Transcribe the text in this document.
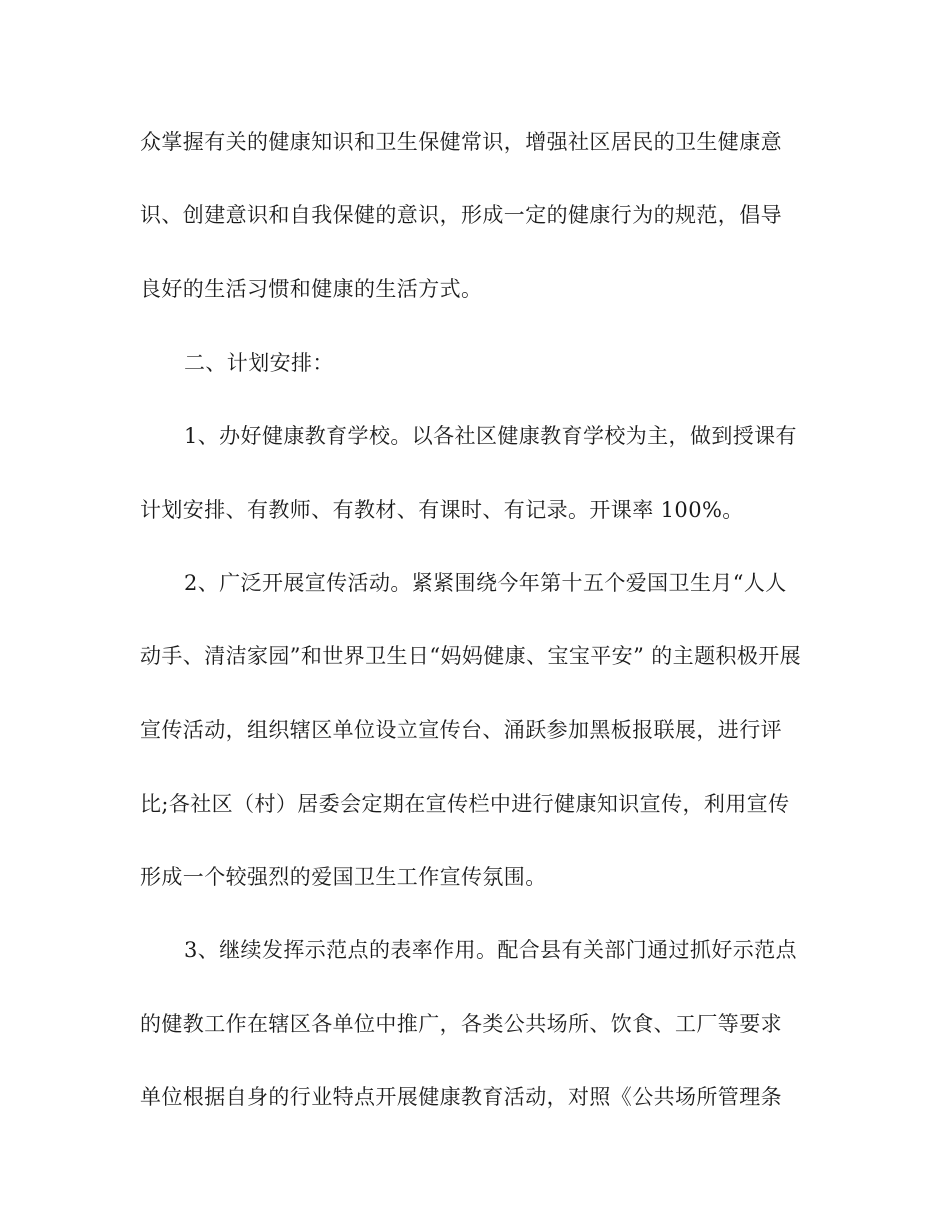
众掌握有关的健康知识和卫生保健常识，增强社区居民的卫生健康意
识、创建意识和自我保健的意识，形成一定的健康行为的规范，倡导
良好的生活习惯和健康的生活方式。
二、计划安排：
1、办好健康教育学校。以各社区健康教育学校为主，做到授课有
计划安排、有教师、有教材、有课时、有记录。开课率 100%。
2、广泛开展宣传活动。紧紧围绕今年第十五个爱国卫生月“人人
动手、清洁家园”和世界卫生日“妈妈健康、宝宝平安” 的主题积极开展
宣传活动，组织辖区单位设立宣传台、涌跃参加黑板报联展，进行评
比;各社区（村）居委会定期在宣传栏中进行健康知识宣传，利用宣传
形成一个较强烈的爱国卫生工作宣传氛围。
3、继续发挥示范点的表率作用。配合县有关部门通过抓好示范点
的健教工作在辖区各单位中推广，各类公共场所、饮食、工厂等要求
单位根据自身的行业特点开展健康教育活动，对照《公共场所管理条
